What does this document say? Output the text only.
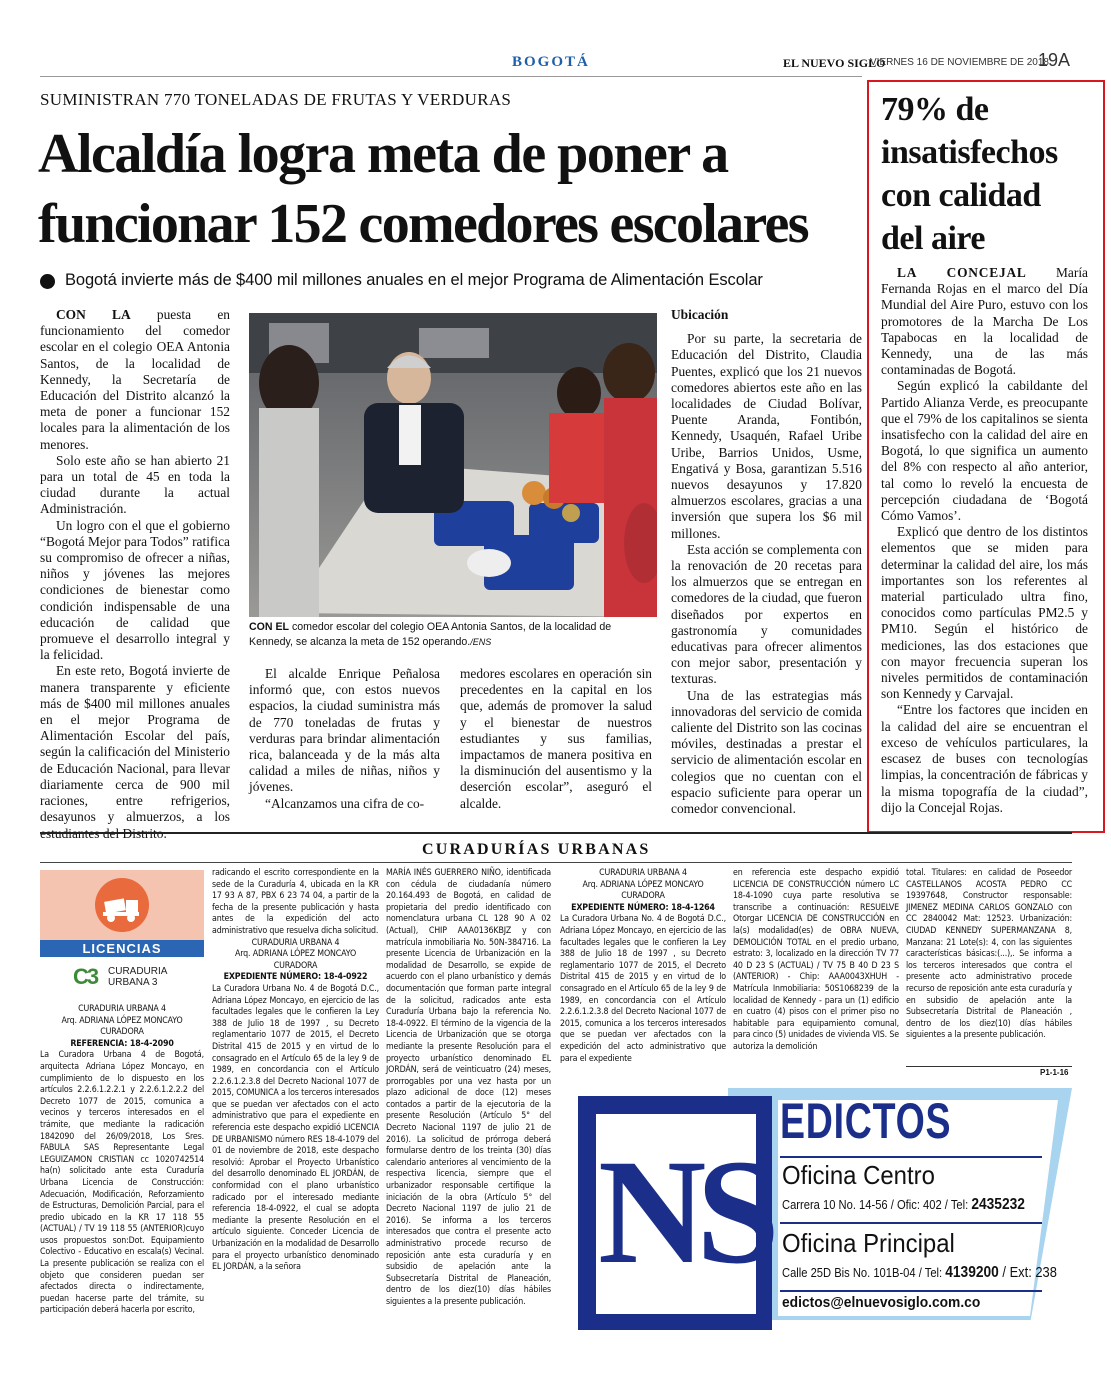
BOGOTÁ	EL NUEVO SIGLO
VIERNES 16 DE NOVIEMBRE DE 2018
19A
SUMINISTRAN 770 TONELADAS DE FRUTAS Y VERDURAS
Alcaldía logra meta de poner a
funcionar 152 comedores escolares
Bogotá invierte más de $400 mil millones anuales en el mejor Programa de Alimentación Escolar

CON LA puesta en funcionamiento del comedor escolar en el colegio OEA Antonia Santos, de la localidad de Kennedy, la Secretaría de Educación del Distrito alcanzó la meta de poner a funcionar 152 locales para la alimentación de los menores.

Solo este año se han abierto 21 para un total de 45 en toda la ciudad durante la actual Administración.

Un logro con el que el gobierno “Bogotá Mejor para Todos” ratifica su compromiso de ofrecer a niñas, niños y jóvenes las mejores condiciones de bienestar como condición indispensable de una educación de calidad que promueve el desarrollo integral y la felicidad.

En este reto, Bogotá invierte de manera transparente y eficiente más de $400 mil millones anuales en el mejor Programa de Alimentación Escolar del país, según la calificación del Ministerio de Educación Nacional, para llevar diariamente cerca de 900 mil raciones, entre refrigerios, desayunos y almuerzos, a los

CON EL comedor escolar del colegio OEA Antonia Santos, de la localidad de Kennedy, se alcanza la meta de 152 operando./ENS

El alcalde Enrique Peñalosa informó que, con estos nuevos espacios, la ciudad suministra más de 770 toneladas de frutas y verduras para brindar alimentación rica, balanceada y de la más alta calidad a miles de niñas, niños y jóvenes.

“Alcanzamos una cifra de co-

medores escolares en operación sin precedentes en la capital en los que, además de promover la salud y el bienestar de nuestros estudiantes y sus familias, impactamos de manera positiva en la disminución del ausentismo y la deserción escolar”, aseguró el alcalde.

Ubicación

Por su parte, la secretaria de Educación del Distrito, Claudia Puentes, explicó que los 21 nuevos comedores abiertos este año en las localidades de Ciudad Bolívar, Puente Aranda, Fontibón, Kennedy, Usaquén, Rafael Uribe Uribe, Barrios Unidos, Usme, Engativá y Bosa, garantizan 5.516 nuevos desayunos y 17.820 almuerzos escolares, gracias a una inversión que supera los $6 mil millones.

Esta acción se complementa con la renovación de 20 recetas para los almuerzos que se entregan en comedores de la ciudad, que fueron diseñados por expertos en gastronomía y comunidades educativas para ofrecer alimentos con mejor sabor, presentación y texturas.

Una de las estrategias más innovadoras del servicio de comida caliente del Distrito son las cocinas móviles, destinadas a prestar el servicio de alimentación escolar en colegios que no cuentan con el espacio suficiente para operar un comedor convencional.

79% de
insatisfechos
con calidad
del aire

LA CONCEJAL María Fernanda Rojas en el marco del Día Mundial del Aire Puro, estuvo con los promotores de la Marcha De Los Tapabocas en la localidad de Kennedy, una de las más contaminadas de Bogotá.

Según explicó la cabildante del Partido Alianza Verde, es preocupante que el 79% de los capitalinos se sienta insatisfecho con la calidad del aire en Bogotá, lo que significa un aumento del 8% con respecto al año anterior, tal como lo reveló la encuesta de percepción ciudadana de ‘Bogotá Cómo Vamos’.

Explicó que dentro de los distintos elementos que se miden para determinar la calidad del aire, los más importantes son los referentes al material particulado ultra fino, conocidos como partículas PM2.5 y PM10. Según el histórico de mediciones, las dos estaciones que con mayor frecuencia superan los niveles permitidos de contaminación son Kennedy y Carvajal.

“Entre los factores que inciden en la calidad del aire se encuentran el exceso de vehículos particulares, la escasez de buses con tecnologías limpias, la concentración de fábricas y la misma topografía de la ciudad”, dijo la Concejal Rojas.

CURADURÍAS URBANAS
LICENCIAS
C3 CURADURIA
URBANA 3
CURADURIA URBANA 4
Arq. ADRIANA LÓPEZ MONCAYO
CURADORA
REFERENCIA: 18-4-2090
La Curadora Urbana 4 de Bogotá, arquitecta Adriana López Moncayo, en cumplimiento de lo dispuesto en los artículos 2.2.6.1.2.2.1 y 2.2.6.1.2.2.2 del Decreto 1077 de 2015, comunica a vecinos y terceros interesados en el trámite, que mediante la radicación 1842090 del 26/09/2018, Los Sres. FABULA SAS Representante Legal LEGUIZAMON CRISTIAN cc 1020742514 ha(n) solicitado ante esta Curaduría Urbana Licencia de Construcción: Adecuación, Modificación, Reforzamiento de Estructuras, Demolición Parcial, para el predio ubicado en la KR 17 118 55 (ACTUAL) / TV 19 118 55 (ANTERIOR)cuyo usos propuestos son:Dot. Equipamiento Colectivo - Educativo en escala(s) Vecinal. La presente publicación se realiza con el objeto que consideren puedan ser afectados directa o indirectamente, puedan hacerse parte del trámite, su participación deberá hacerla por escrito,
radicando el escrito correspondiente en la sede de la Curaduría 4, ubicada en la KR 17 93 A 87, PBX 6 23 74 04, a partir de la fecha de la presente publicación y hasta antes de la expedición del acto administrativo que resuelva dicha solicitud.
CURADURIA URBANA 4
Arq. ADRIANA LÓPEZ MONCAYO
CURADORA
EXPEDIENTE NÚMERO: 18-4-0922
La Curadora Urbana No. 4 de Bogotá D.C., Adriana López Moncayo, en ejercicio de las facultades legales que le confieren la Ley 388 de Julio 18 de 1997 , su Decreto reglamentario 1077 de 2015, el Decreto Distrital 415 de 2015 y en virtud de lo consagrado en el Artículo 65 de la ley 9 de 1989, en concordancia con el Artículo 2.2.6.1.2.3.8 del Decreto Nacional 1077 de 2015, COMUNICA a los terceros interesados que se puedan ver afectados con el acto administrativo que para el expediente en referencia este despacho expidió LICENCIA DE URBANISMO número RES 18-4-1079 del 01 de noviembre de 2018, este despacho resolvió: Aprobar el Proyecto Urbanístico del desarrollo denominado EL JORDÁN, de conformidad con el plano urbanístico radicado por el interesado mediante referencia 18-4-0922, el cual se adopta mediante la presente Resolución en el artículo siguiente. Conceder Licencia de Urbanización en la modalidad de Desarrollo para el proyecto urbanístico denominado EL JORDÁN, a la señora
MARÍA INÉS GUERRERO NIÑO, identificada con cédula de ciudadanía número 20.164.493 de Bogotá, en calidad de propietaria del predio identificado con nomenclatura urbana CL 128 90 A 02 (Actual), CHIP AAA0136KBJZ y con matrícula inmobiliaria No. 50N-384716. La presente Licencia de Urbanización en la modalidad de Desarrollo, se expide de acuerdo con el plano urbanístico y demás documentación que forman parte integral de la solicitud, radicados ante esta Curaduría Urbana bajo la referencia No. 18-4-0922. El término de la vigencia de la Licencia de Urbanización que se otorga mediante la presente Resolución para el proyecto urbanístico denominado EL JORDÁN, será de veinticuatro (24) meses, prorrogables por una vez hasta por un plazo adicional de doce (12) meses contados a partir de la ejecutoria de la presente Resolución (Artículo 5° del Decreto Nacional 1197 de julio 21 de 2016). La solicitud de prórroga deberá formularse dentro de los treinta (30) días calendario anteriores al vencimiento de la respectiva licencia, siempre que el urbanizador responsable certifique la iniciación de la obra (Artículo 5° del Decreto Nacional 1197 de julio 21 de 2016). Se informa a los terceros interesados que contra el presente acto administrativo procede recurso de reposición ante esta curaduría y en subsidio de apelación ante la Subsecretaría Distrital de Planeación, dentro de los diez(10) días hábiles siguientes a la presente publicación.
CURADURIA URBANA 4
Arq. ADRIANA LÓPEZ MONCAYO
CURADORA
EXPEDIENTE NÚMERO: 18-4-1264
La Curadora Urbana No. 4 de Bogotá D.C., Adriana López Moncayo, en ejercicio de las facultades legales que le confieren la Ley 388 de Julio 18 de 1997 , su Decreto reglamentario 1077 de 2015, el Decreto Distrital 415 de 2015 y en virtud de lo consagrado en el Artículo 65 de la ley 9 de 1989, en concordancia con el Artículo 2.2.6.1.2.3.8 del Decreto Nacional 1077 de 2015, comunica a los terceros interesados que se puedan ver afectados con la expedición del acto administrativo que para el expediente
en referencia este despacho expidió LICENCIA DE CONSTRUCCIÓN número LC 18-4-1090 cuya parte resolutiva se transcribe a continuación: RESUELVE Otorgar LICENCIA DE CONSTRUCCIÓN en la(s) modalidad(es) de OBRA NUEVA, DEMOLICIÓN TOTAL en el predio urbano, estrato: 3, localizado en la dirección TV 77 40 D 23 S (ACTUAL) / TV 75 B 40 D 23 S (ANTERIOR) - Chip: AAA0043XHUH - Matrícula Inmobiliaria: 50S1068239 de la localidad de Kennedy - para un (1) edificio en cuatro (4) pisos con el primer piso no habitable para equipamiento comunal, para cinco (5) unidades de vivienda VIS. Se autoriza la demolición
total. Titulares: en calidad de Poseedor CASTELLANOS ACOSTA PEDRO CC 19397648, Constructor responsable: JIMENEZ MEDINA CARLOS GONZALO con CC 2840042 Mat: 12523. Urbanización: CIUDAD KENNEDY SUPERMANZANA 8, Manzana: 21 Lote(s): 4, con las siguientes características básicas:(...),. Se informa a los terceros interesados que contra el presente acto administrativo procede recurso de reposición ante esta curaduría y en subsidio de apelación ante la Subsecretaría Distrital de Planeación , dentro de los diez(10) días hábiles siguientes a la presente publicación.
P1-1-16
NS
EDICTOS
Oficina Centro
Carrera 10 No. 14-56 / Ofic: 402 / Tel: 2435232
Oficina Principal
Calle 25D Bis No. 101B-04 / Tel: 4139200 / Ext: 238
edictos@elnuevosiglo.com.co
